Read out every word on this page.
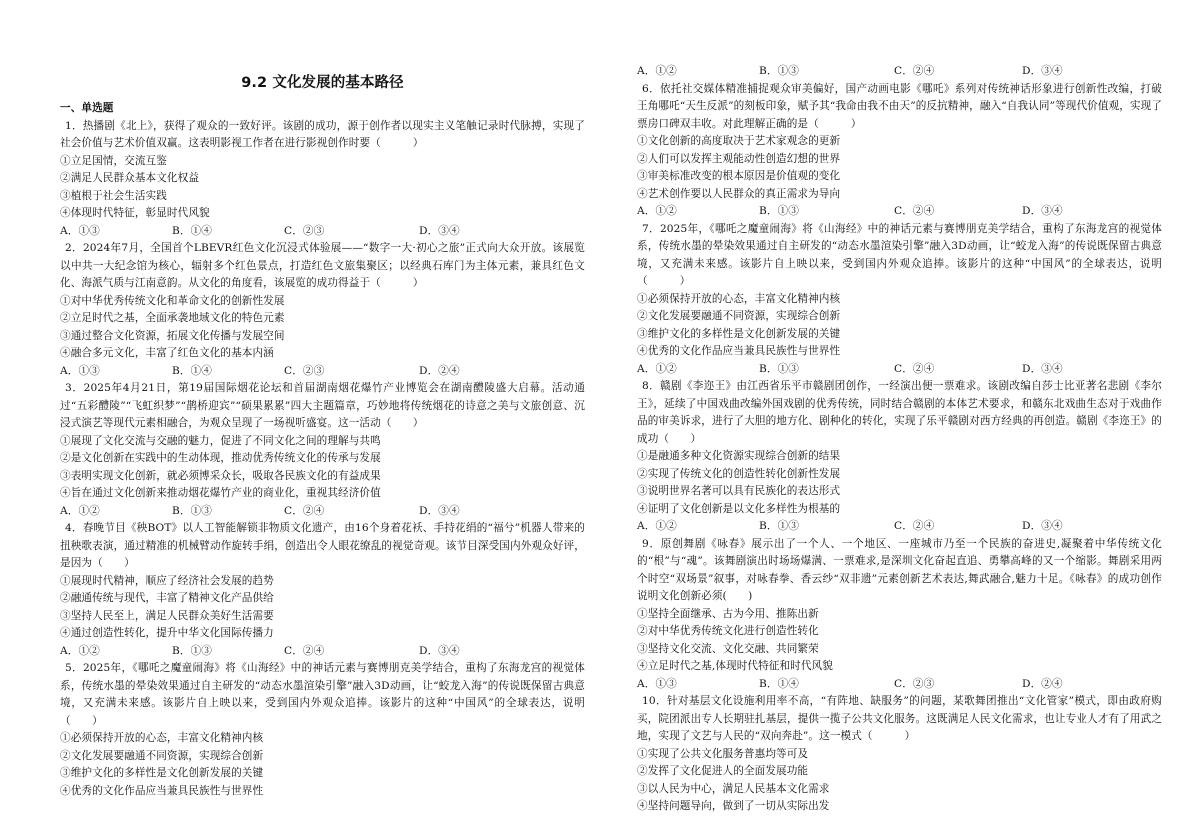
9.2 文化发展的基本路径
一、单选题

1．热播剧《北上》，获得了观众的一致好评。该剧的成功，源于创作者以现实主义笔触记录时代脉搏，实现了社会价值与艺术价值双赢。这表明影视工作者在进行影视创作时要（　　　）

①立足国情，交流互鉴

②满足人民群众基本文化权益

③植根于社会生活实践

④体现时代特征，彰显时代风貌

A．①③	B．①④	C．②③	D．③④

2．2024年7月，全国首个LBEVR红色文化沉浸式体验展——“数字一大·初心之旅”正式向大众开放。该展览以中共一大纪念馆为核心，辐射多个红色景点，打造红色文旅集聚区；以经典石库门为主体元素，兼具红色文化、海派气质与江南意韵。从文化的角度看，该展览的成功得益于（　　　）

①对中华优秀传统文化和革命文化的创新性发展

②立足时代之基，全面承袭地域文化的特色元素

③通过整合文化资源，拓展文化传播与发展空间

④融合多元文化，丰富了红色文化的基本内涵

A．①③	B．①④	C．②③	D．②④

3．2025年4月21日，第19届国际烟花论坛和首届湖南烟花爆竹产业博览会在湖南醴陵盛大启幕。活动通过“五彩醴陵”“飞虹织梦”“鹊桥迎宾”“硕果累累”四大主题篇章，巧妙地将传统烟花的诗意之美与文旅创意、沉浸式演艺等现代元素相融合，为观众呈现了一场视听盛宴。这一活动（　　）

①展现了文化交流与交融的魅力，促进了不同文化之间的理解与共鸣

②是文化创新在实践中的生动体现，推动优秀传统文化的传承与发展

③表明实现文化创新，就必须博采众长，吸取各民族文化的有益成果

④旨在通过文化创新来推动烟花爆竹产业的商业化，重视其经济价值

A．①②	B．①③	C．②④	D．③④

4．春晚节目《秧BOT》以人工智能解锁非物质文化遗产，由16个身着花袄、手持花绢的“福兮”机器人带来的扭秧歌表演，通过精准的机械臂动作旋转手绢，创造出令人眼花缭乱的视觉奇观。该节目深受国内外观众好评，是因为（　　）

①展现时代精神，顺应了经济社会发展的趋势

②融通传统与现代，丰富了精神文化产品供给

③坚持人民至上，满足人民群众美好生活需要

④通过创造性转化，提升中华文化国际传播力

A．①②	B．①③	C．②④	D．③④

5．2025年，《哪吒之魔童闹海》将《山海经》中的神话元素与赛博朋克美学结合，重构了东海龙宫的视觉体系，传统水墨的晕染效果通过自主研发的“动态水墨渲染引擎”融入3D动画，让“蛟龙入海”的传说既保留古典意境，又充满未来感。该影片自上映以来，受到国内外观众追捧。该影片的这种“中国风”的全球表达，说明（　　）

①必须保持开放的心态，丰富文化精神内核

②文化发展要融通不同资源，实现综合创新

③维护文化的多样性是文化创新发展的关键

④优秀的文化作品应当兼具民族性与世界性

A．①②	B．①③	C．②④	D．③④

6．依托社交媒体精准捕捉观众审美偏好，国产动画电影《哪吒》系列对传统神话形象进行创新性改编，打破王角哪吒“天生反派”的刻板印象，赋予其“我命由我不由天”的反抗精神，融入“自我认同”等现代价值观，实现了票房口碑双丰收。对此理解正确的是（　　　）

①文化创新的高度取决于艺术家观念的更新

②人们可以发挥主观能动性创造幻想的世界

③审美标准改变的根本原因是价值观的变化

④艺术创作要以人民群众的真正需求为导向

A．①②	B．①③	C．②④	D．③④

7．2025年，《哪吒之魔童闹海》将《山海经》中的神话元素与赛博朋克美学结合，重构了东海龙宫的视觉体系，传统水墨的晕染效果通过自主研发的“动态水墨渲染引擎”融入3D动画，让“蛟龙入海”的传说既保留古典意境，又充满未来感。该影片自上映以来，受到国内外观众追捧。该影片的这种“中国风”的全球表达，说明（　　　）

①必须保持开放的心态，丰富文化精神内核

②文化发展要融通不同资源，实现综合创新

③维护文化的多样性是文化创新发展的关键

④优秀的文化作品应当兼具民族性与世界性

A．①②	B．①③	C．②④	D．③④

8．赣剧《李迩王》由江西省乐平市赣剧团创作，一经演出便一票难求。该剧改编自莎士比亚著名悲剧《李尔王》，延续了中国戏曲改编外国戏剧的优秀传统，同时结合赣剧的本体艺术要求，和赣东北戏曲生态对于戏曲作品的审美诉求，进行了大胆的地方化、剧种化的转化，实现了乐平赣剧对西方经典的再创造。赣剧《李迩王》的成功（　　）

①是融通多种文化资源实现综合创新的结果

②实现了传统文化的创造性转化创新性发展

③说明世界名著可以具有民族化的表达形式

④证明了文化创新是以文化多样性为根基的

A．①②	B．①③	C．②④	D．③④

9．原创舞剧《咏春》展示出了一个人、一个地区、一座城市乃至一个民族的奋进史,凝聚着中华传统文化的“根”与“魂”。该舞剧演出时场场爆满、一票难求,是深圳文化奋起直追、勇攀高峰的又一个缩影。舞剧采用两个时空“双场景”叙事，对咏春拳、香云纱“双非遗”元素创新艺术表达,舞武融合,魅力十足。《咏春》的成功创作说明文化创新必须(　　)

①坚持全面继承、古为今用、推陈出新

②对中华优秀传统文化进行创造性转化

③坚持文化交流、文化交融、共同繁荣

④立足时代之基,体现时代特征和时代风貌

A．①③	B．①④	C．②③	D．②④

10．针对基层文化设施利用率不高，“有阵地、缺服务”的问题，某歌舞团推出“文化管家”模式，即由政府购买，院团派出专人长期驻扎基层，提供一揽子公共文化服务。这既满足人民文化需求，也让专业人才有了用武之地，实现了文艺与人民的“双向奔赴”。这一模式（　　　）

①实现了公共文化服务普惠均等可及

②发挥了文化促进人的全面发展功能

③以人民为中心，满足人民基本文化需求

④坚持问题导向，做到了一切从实际出发
